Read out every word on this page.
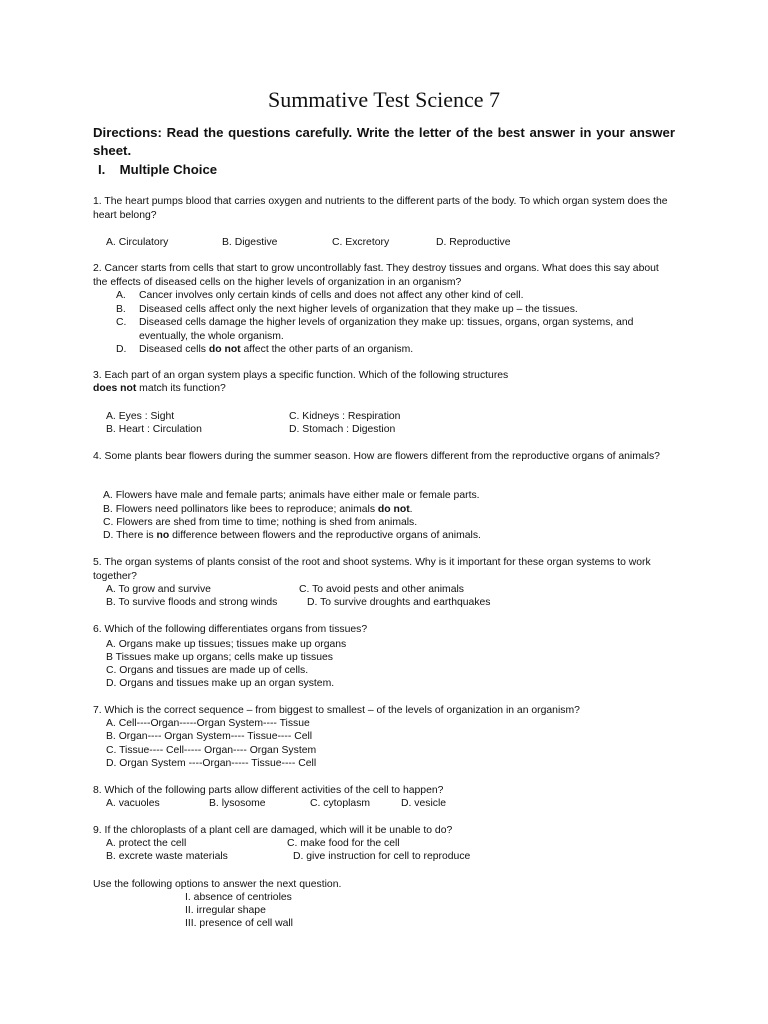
Summative Test Science 7
Directions: Read the questions carefully. Write the letter of the best answer in your answer sheet.
I. Multiple Choice
1. The heart pumps blood that carries oxygen and nutrients to the different parts of the body. To which organ system does the heart belong?
A. Circulatory	B. Digestive	C. Excretory	D. Reproductive
2. Cancer starts from cells that start to grow uncontrollably fast. They destroy tissues and organs. What does this say about the effects of diseased cells on the higher levels of organization in an organism?
A. Cancer involves only certain kinds of cells and does not affect any other kind of cell.
B. Diseased cells affect only the next higher levels of organization that they make up – the tissues.
C. Diseased cells damage the higher levels of organization they make up: tissues, organs, organ systems, and eventually, the whole organism.
D. Diseased cells do not affect the other parts of an organism.
3. Each part of an organ system plays a specific function. Which of the following structures
does not match its function?
A. Eyes : Sight
B. Heart : Circulation
C. Kidneys : Respiration
D. Stomach : Digestion
4. Some plants bear flowers during the summer season. How are flowers different from the reproductive organs of animals?
A. Flowers have male and female parts; animals have either male or female parts.
B. Flowers need pollinators like bees to reproduce; animals do not.
C. Flowers are shed from time to time; nothing is shed from animals.
D. There is no difference between flowers and the reproductive organs of animals.
5. The organ systems of plants consist of the root and shoot systems. Why is it important for these organ systems to work together?
A. To grow and survive
B. To survive floods and strong winds
C. To avoid pests and other animals
D. To survive droughts and earthquakes
6. Which of the following differentiates organs from tissues?
A. Organs make up tissues; tissues make up organs
B Tissues make up organs; cells make up tissues
C. Organs and tissues are made up of cells.
D. Organs and tissues make up an organ system.
7. Which is the correct sequence – from biggest to smallest – of the levels of organization in an organism?
A. Cell----Organ-----Organ System---- Tissue
B. Organ---- Organ System---- Tissue---- Cell
C. Tissue---- Cell----- Organ---- Organ System
D. Organ System ----Organ----- Tissue---- Cell
8. Which of the following parts allow different activities of the cell to happen?
A. vacuoles	B. lysosome	C. cytoplasm	D. vesicle
9. If the chloroplasts of a plant cell are damaged, which will it be unable to do?
A. protect the cell
B. excrete waste materials
C. make food for the cell
D. give instruction for cell to reproduce
Use the following options to answer the next question.
I. absence of centrioles
II. irregular shape
III. presence of cell wall
